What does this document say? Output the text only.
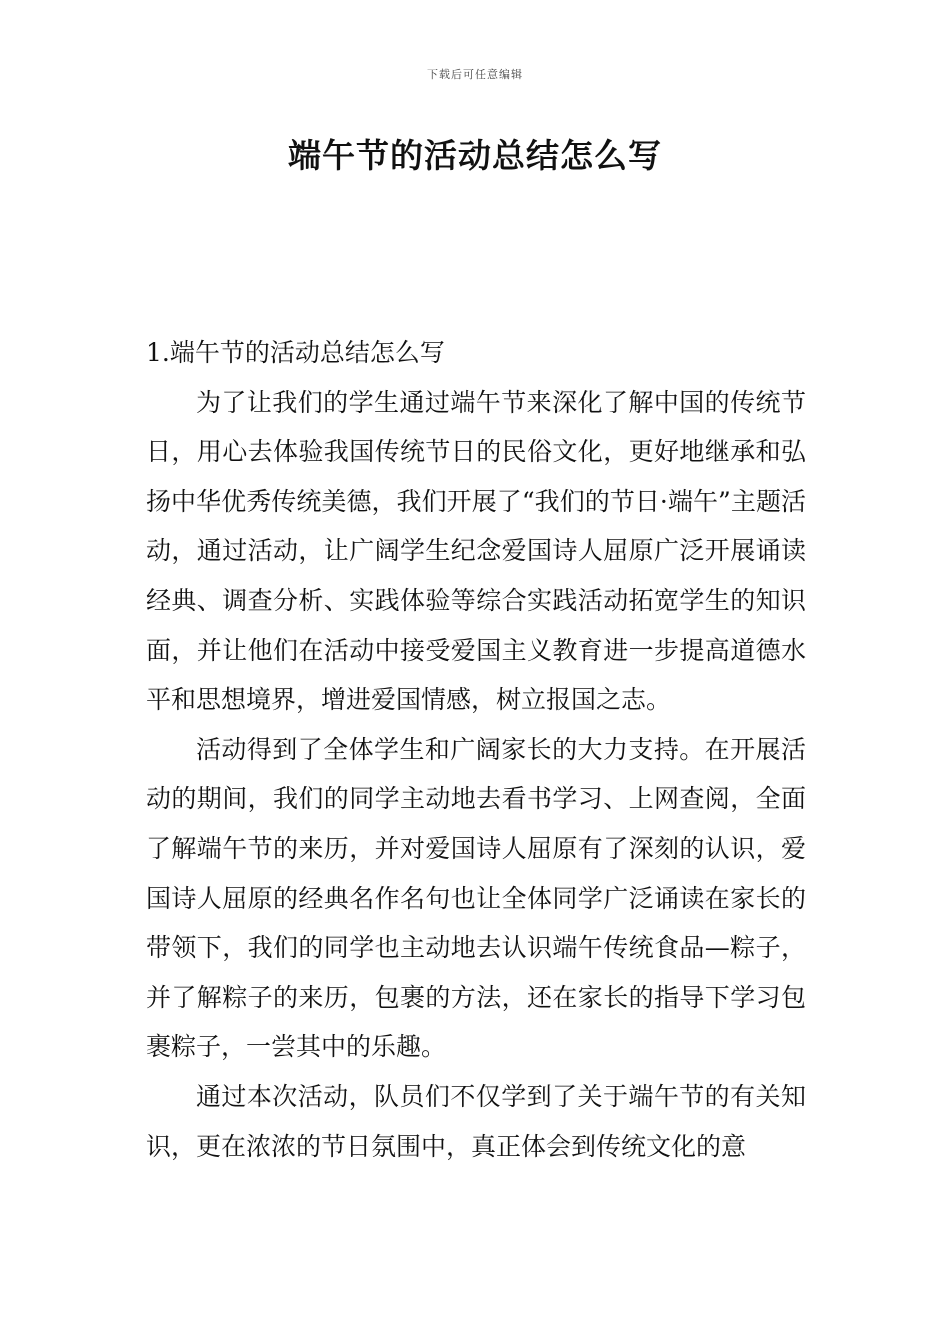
下载后可任意编辑
端午节的活动总结怎么写

1.端午节的活动总结怎么写

为了让我们的学生通过端午节来深化了解中国的传统节日，用心去体验我国传统节日的民俗文化，更好地继承和弘扬中华优秀传统美德，我们开展了“我们的节日·端午”主题活动，通过活动，让广阔学生纪念爱国诗人屈原广泛开展诵读经典、调查分析、实践体验等综合实践活动拓宽学生的知识面，并让他们在活动中接受爱国主义教育进一步提高道德水平和思想境界，增进爱国情感，树立报国之志。

活动得到了全体学生和广阔家长的大力支持。在开展活动的期间，我们的同学主动地去看书学习、上网查阅，全面了解端午节的来历，并对爱国诗人屈原有了深刻的认识，爱国诗人屈原的经典名作名句也让全体同学广泛诵读在家长的带领下，我们的同学也主动地去认识端午传统食品—粽子，并了解粽子的来历，包裹的方法，还在家长的指导下学习包裹粽子，一尝其中的乐趣。

通过本次活动，队员们不仅学到了关于端午节的有关知识，更在浓浓的节日氛围中，真正体会到传统文化的意
